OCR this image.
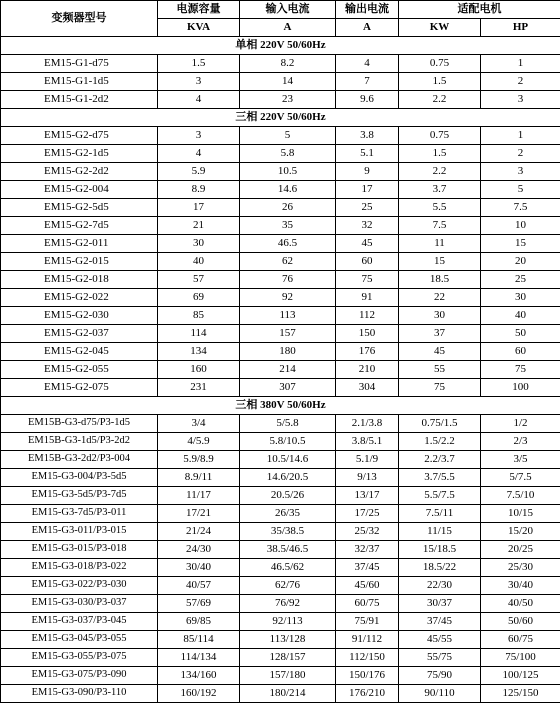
变频器型号	电源容量	输入电流	输出电流	适配电机	
	KVA	A	A	KW	HP
单相 220V 50/60Hz					
EM15-G1-d75	1.5	8.2	4	0.75	1
EM15-G1-1d5	3	14	7	1.5	2
EM15-G1-2d2	4	23	9.6	2.2	3
三相 220V 50/60Hz					
EM15-G2-d75	3	5	3.8	0.75	1
EM15-G2-1d5	4	5.8	5.1	1.5	2
EM15-G2-2d2	5.9	10.5	9	2.2	3
EM15-G2-004	8.9	14.6	17	3.7	5
EM15-G2-5d5	17	26	25	5.5	7.5
EM15-G2-7d5	21	35	32	7.5	10
EM15-G2-011	30	46.5	45	11	15
EM15-G2-015	40	62	60	15	20
EM15-G2-018	57	76	75	18.5	25
EM15-G2-022	69	92	91	22	30
EM15-G2-030	85	113	112	30	40
EM15-G2-037	114	157	150	37	50
EM15-G2-045	134	180	176	45	60
EM15-G2-055	160	214	210	55	75
EM15-G2-075	231	307	304	75	100
三相 380V 50/60Hz					
EM15B-G3-d75/P3-1d5	3/4	5/5.8	2.1/3.8	0.75/1.5	1/2
EM15B-G3-1d5/P3-2d2	4/5.9	5.8/10.5	3.8/5.1	1.5/2.2	2/3
EM15B-G3-2d2/P3-004	5.9/8.9	10.5/14.6	5.1/9	2.2/3.7	3/5
EM15-G3-004/P3-5d5	8.9/11	14.6/20.5	9/13	3.7/5.5	5/7.5
EM15-G3-5d5/P3-7d5	11/17	20.5/26	13/17	5.5/7.5	7.5/10
EM15-G3-7d5/P3-011	17/21	26/35	17/25	7.5/11	10/15
EM15-G3-011/P3-015	21/24	35/38.5	25/32	11/15	15/20
EM15-G3-015/P3-018	24/30	38.5/46.5	32/37	15/18.5	20/25
EM15-G3-018/P3-022	30/40	46.5/62	37/45	18.5/22	25/30
EM15-G3-022/P3-030	40/57	62/76	45/60	22/30	30/40
EM15-G3-030/P3-037	57/69	76/92	60/75	30/37	40/50
EM15-G3-037/P3-045	69/85	92/113	75/91	37/45	50/60
EM15-G3-045/P3-055	85/114	113/128	91/112	45/55	60/75
EM15-G3-055/P3-075	114/134	128/157	112/150	55/75	75/100
EM15-G3-075/P3-090	134/160	157/180	150/176	75/90	100/125
EM15-G3-090/P3-110	160/192	180/214	176/210	90/110	125/150
